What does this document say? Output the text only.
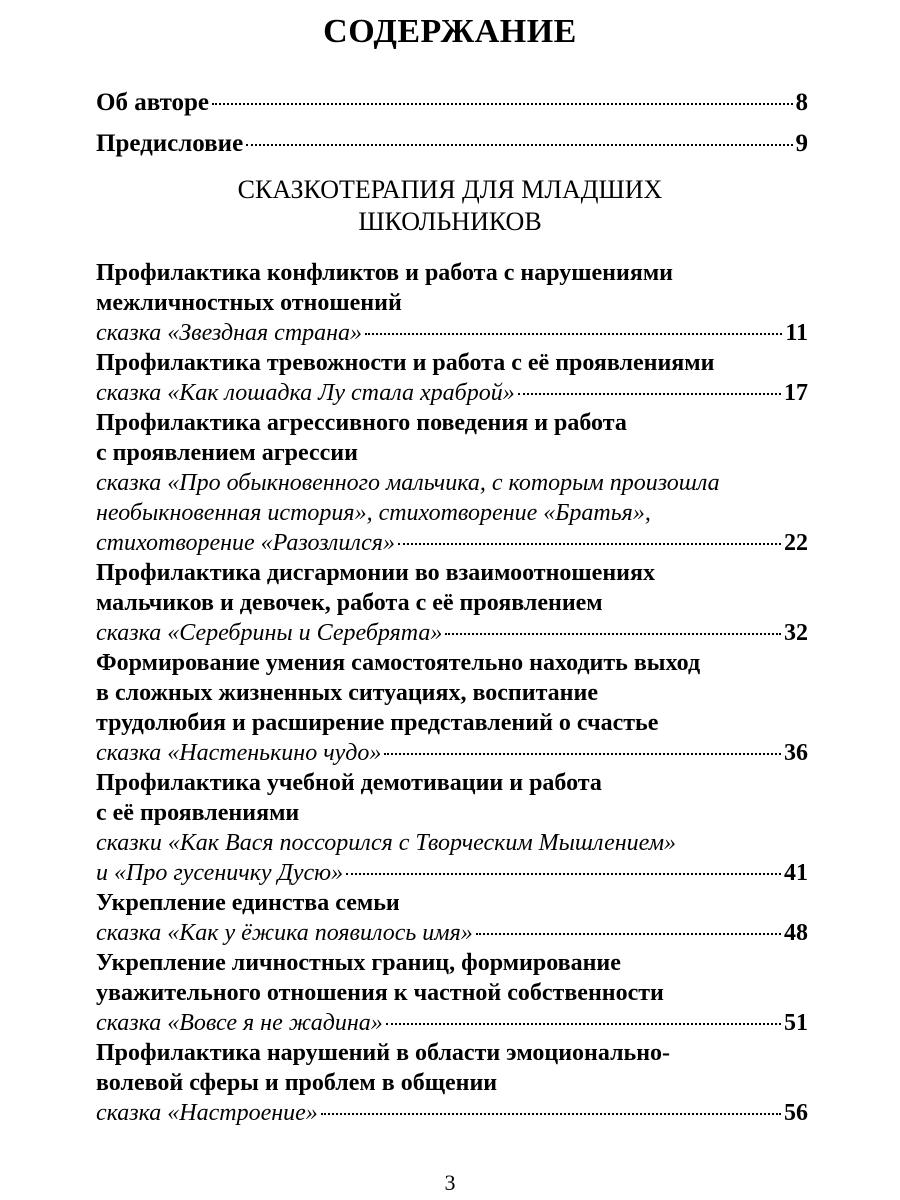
СОДЕРЖАНИЕ
Об авторе	8
Предисловие	9
СКАЗКОТЕРАПИЯ ДЛЯ МЛАДШИХ
ШКОЛЬНИКОВ
Профилактика конфликтов и работа с нарушениями
межличностных отношений
сказка «Звездная страна»	11
Профилактика тревожности и работа с её проявлениями
сказка «Как лошадка Лу стала храброй»	17
Профилактика агрессивного поведения и работа
с проявлением агрессии
сказка «Про обыкновенного мальчика, с которым произошла
необыкновенная история», стихотворение «Братья»,
стихотворение «Разозлился»	22
Профилактика дисгармонии во взаимоотношениях
мальчиков и девочек, работа с её проявлением
сказка «Серебрины и Серебрята»	32
Формирование умения самостоятельно находить выход
в сложных жизненных ситуациях, воспитание
трудолюбия и расширение представлений о счастье
сказка «Настенькино чудо»	36
Профилактика учебной демотивации и работа
с её проявлениями
сказки «Как Вася поссорился с Творческим Мышлением»
и «Про гусеничку Дусю»	41
Укрепление единства семьи
сказка «Как у ёжика появилось имя»	48
Укрепление личностных границ, формирование
уважительного отношения к частной собственности
сказка «Вовсе я не жадина»	51
Профилактика нарушений в области эмоционально-
волевой сферы и проблем в общении
сказка «Настроение»	56
3
